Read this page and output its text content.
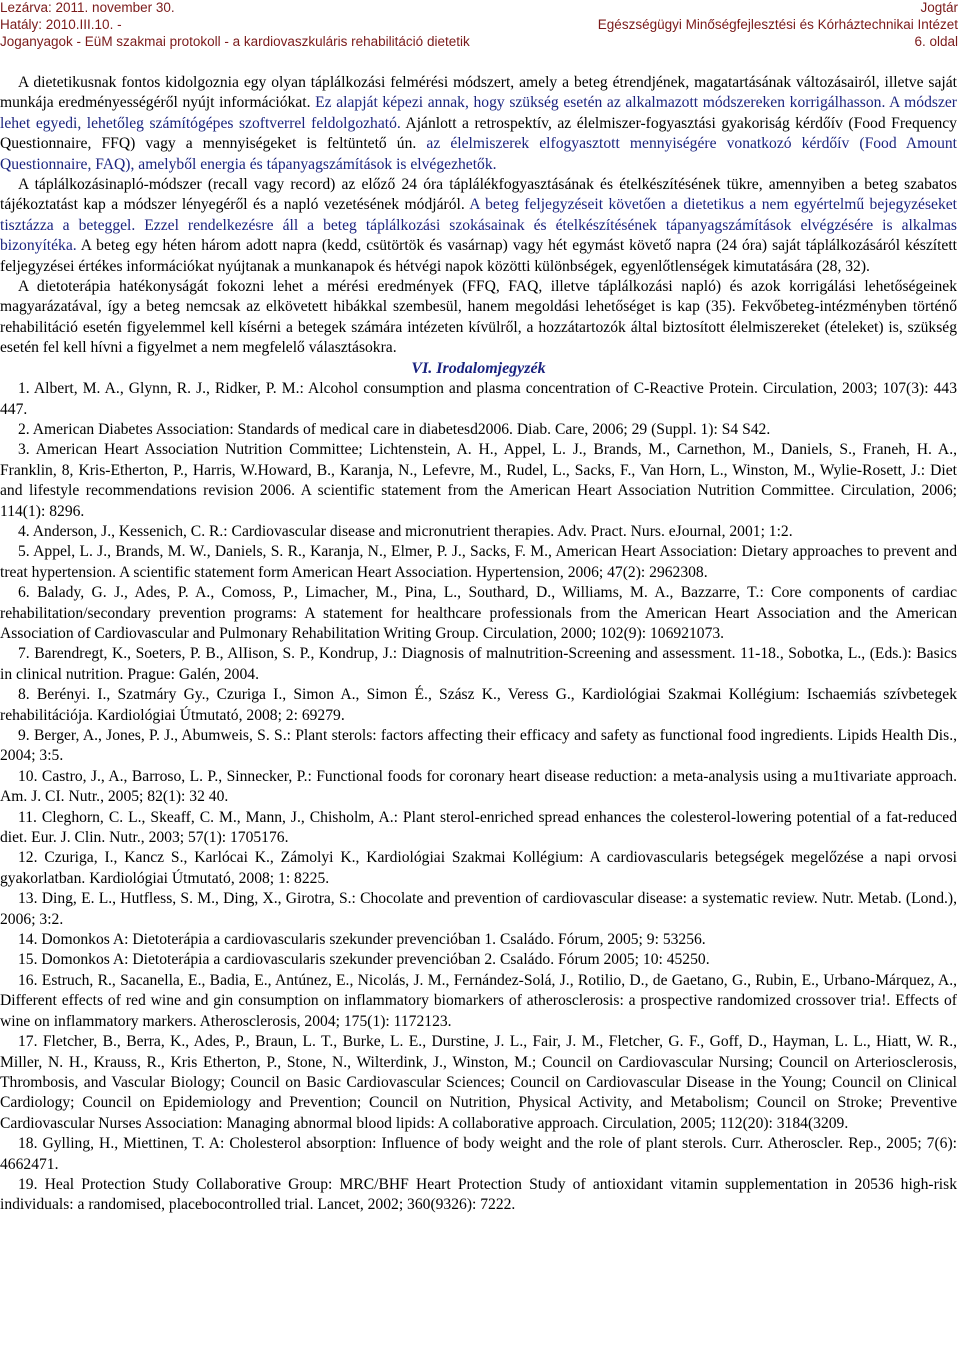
Lezárva: 2011. november 30.	Jogtár
Hatály: 2010.III.10. -	Egészségügyi Minőségfejlesztési és Kórháztechnikai Intézet
Joganyagok - EüM szakmai protokoll - a kardiovaszkuláris rehabilitáció dietetik	6. oldal

A dietetikusnak fontos kidolgoznia egy olyan táplálkozási felmérési módszert, amely a beteg étrendjének, magatartásának változásairól, illetve saját munkája eredményességéről nyújt információkat. Ez alapját képezi annak, hogy szükség esetén az alkalmazott módszereken korrigálhasson. A módszer lehet egyedi, lehetőleg számítógépes szoftverrel feldolgozható. Ajánlott a retrospektív, az élelmiszer-fogyasztási gyakoriság kérdőív (Food Frequency Questionnaire, FFQ) vagy a mennyiségeket is feltüntető ún. az élelmiszerek elfogyasztott mennyiségére vonatkozó kérdőív (Food Amount Questionnaire, FAQ), amelyből energia és tápanyagszámítások is elvégezhetők.

A táplálkozásinapló-módszer (recall vagy record) az előző 24 óra táplálékfogyasztásának és ételkészítésének tükre, amennyiben a beteg szabatos tájékoztatást kap a módszer lényegéről és a napló vezetésének módjáról. A beteg feljegyzéseit követően a dietetikus a nem egyértelmű bejegyzéseket tisztázza a beteggel. Ezzel rendelkezésre áll a beteg táplálkozási szokásainak és ételkészítésének tápanyagszámítások elvégzésére is alkalmas bizonyítéka. A beteg egy héten három adott napra (kedd, csütörtök és vasárnap) vagy hét egymást követő napra (24 óra) saját táplálkozásáról készített feljegyzései értékes információkat nyújtanak a munkanapok és hétvégi napok közötti különbségek, egyenlőtlenségek kimutatására (28, 32).

A dietoterápia hatékonyságát fokozni lehet a mérési eredmények (FFQ, FAQ, illetve táplálkozási napló) és azok korrigálási lehetőségeinek magyarázatával, így a beteg nemcsak az elkövetett hibákkal szembesül, hanem megoldási lehetőséget is kap (35). Fekvőbeteg-intézményben történő rehabilitáció esetén figyelemmel kell kísérni a betegek számára intézeten kívülről, a hozzátartozók által biztosított élelmiszereket (ételeket) is, szükség esetén fel kell hívni a figyelmet a nem megfelelő választásokra.

VI. Irodalomjegyzék

1. Albert, M. A., Glynn, R. J., Ridker, P. M.: Alcohol consumption and plasma concentration of C-Reactive Protein. Circulation, 2003; 107(3): 443 447.

2. American Diabetes Association: Standards of medical care in diabetesd2006. Diab. Care, 2006; 29 (Suppl. 1): S4 S42.

3. American Heart Association Nutrition Committee; Lichtenstein, A. H., Appel, L. J., Brands, M., Carnethon, M., Daniels, S., Franeh, H. A., Franklin, 8, Kris-Etherton, P., Harris, W.Howard, B., Karanja, N., Lefevre, M., Rudel, L., Sacks, F., Van Horn, L., Winston, M., Wylie-Rosett, J.: Diet and lifestyle recommendations revision 2006. A scientific statement from the American Heart Association Nutrition Committee. Circulation, 2006; 114(1): 8296.

4. Anderson, J., Kessenich, C. R.: Cardiovascular disease and micronutrient therapies. Adv. Pract. Nurs. eJournal, 2001; 1:2.

5. Appel, L. J., Brands, M. W., Daniels, S. R., Karanja, N., Elmer, P. J., Sacks, F. M., American Heart Association: Dietary approaches to prevent and treat hypertension. A scientific statement form American Heart Association. Hypertension, 2006; 47(2): 2962308.

6. Balady, G. J., Ades, P. A., Comoss, P., Limacher, M., Pina, L., Southard, D., Williams, M. A., Bazzarre, T.: Core components of cardiac rehabilitation/secondary prevention programs: A statement for healthcare professionals from the American Heart Association and the American Association of Cardiovascular and Pulmonary Rehabilitation Writing Group. Circulation, 2000; 102(9): 106921073.

7. Barendregt, K., Soeters, P. B., AlIison, S. P., Kondrup, J.: Diagnosis of malnutrition-Screening and assessment. 11-18., Sobotka, L., (Eds.): Basics in clinical nutrition. Prague: Galén, 2004.

8. Berényi. I., Szatmáry Gy., Czuriga I., Simon A., Simon É., Szász K., Veress G., Kardiológiai Szakmai Kollégium: Ischaemiás szívbetegek rehabilitációja. Kardiológiai Útmutató, 2008; 2: 69279.

9. Berger, A., Jones, P. J., Abumweis, S. S.: Plant sterols: factors affecting their efficacy and safety as functional food ingredients. Lipids Health Dis., 2004; 3:5.

10. Castro, J., A., Barroso, L. P., Sinnecker, P.: Functional foods for coronary heart disease reduction: a meta-analysis using a mu1tivariate approach. Am. J. CI. Nutr., 2005; 82(1): 32 40.

11. Cleghorn, C. L., Skeaff, C. M., Mann, J., Chisholm, A.: Plant sterol-enriched spread enhances the colesterol-lowering potential of a fat-reduced diet. Eur. J. Clin. Nutr., 2003; 57(1): 1705176.

12. Czuriga, I., Kancz S., Karlócai K., Zámolyi K., Kardiológiai Szakmai Kollégium: A cardiovascularis betegségek megelőzése a napi orvosi gyakorlatban. Kardiológiai Útmutató, 2008; 1: 8225.

13. Ding, E. L., Hutfless, S. M., Ding, X., Girotra, S.: Chocolate and prevention of cardiovascular disease: a systematic review. Nutr. Metab. (Lond.), 2006; 3:2.

14. Domonkos A: Dietoterápia a cardiovascularis szekunder prevencióban 1. Családo. Fórum, 2005; 9: 53256.

15. Domonkos A: Dietoterápia a cardiovascularis szekunder prevencióban 2. Családo. Fórum 2005; 10: 45250.

16. Estruch, R., Sacanella, E., Badia, E., Antúnez, E., Nicolás, J. M., Fernández-Solá, J., Rotilio, D., de Gaetano, G., Rubin, E., Urbano-Márquez, A., Different effects of red wine and gin consumption on inflammatory biomarkers of atherosclerosis: a prospective randomized crossover tria!. Effects of wine on inflammatory markers. Atherosclerosis, 2004; 175(1): 1172123.

17. Fletcher, B., Berra, K., Ades, P., Braun, L. T., Burke, L. E., Durstine, J. L., Fair, J. M., Fletcher, G. F., Goff, D., Hayman, L. L., Hiatt, W. R., Miller, N. H., Krauss, R., Kris Etherton, P., Stone, N., Wilterdink, J., Winston, M.; Council on Cardiovascular Nursing; Council on Arteriosclerosis, Thrombosis, and Vascular Biology; Council on Basic Cardiovascular Sciences; Council on Cardiovascular Disease in the Young; Council on Clinical Cardiology; Council on Epidemiology and Prevention; Council on Nutrition, Physical Activity, and Metabolism; Council on Stroke; Preventive Cardiovascular Nurses Association: Managing abnormal blood lipids: A collaborative approach. Circulation, 2005; 112(20): 3184(3209.

18. Gylling, H., Miettinen, T. A: Cholesterol absorption: Influence of body weight and the role of plant sterols. Curr. Atheroscler. Rep., 2005; 7(6): 4662471.

19. Heal Protection Study Collaborative Group: MRC/BHF Heart Protection Study of antioxidant vitamin supplementation in 20536 high-risk individuals: a randomised, placebocontrolled trial. Lancet, 2002; 360(9326): 7222.
